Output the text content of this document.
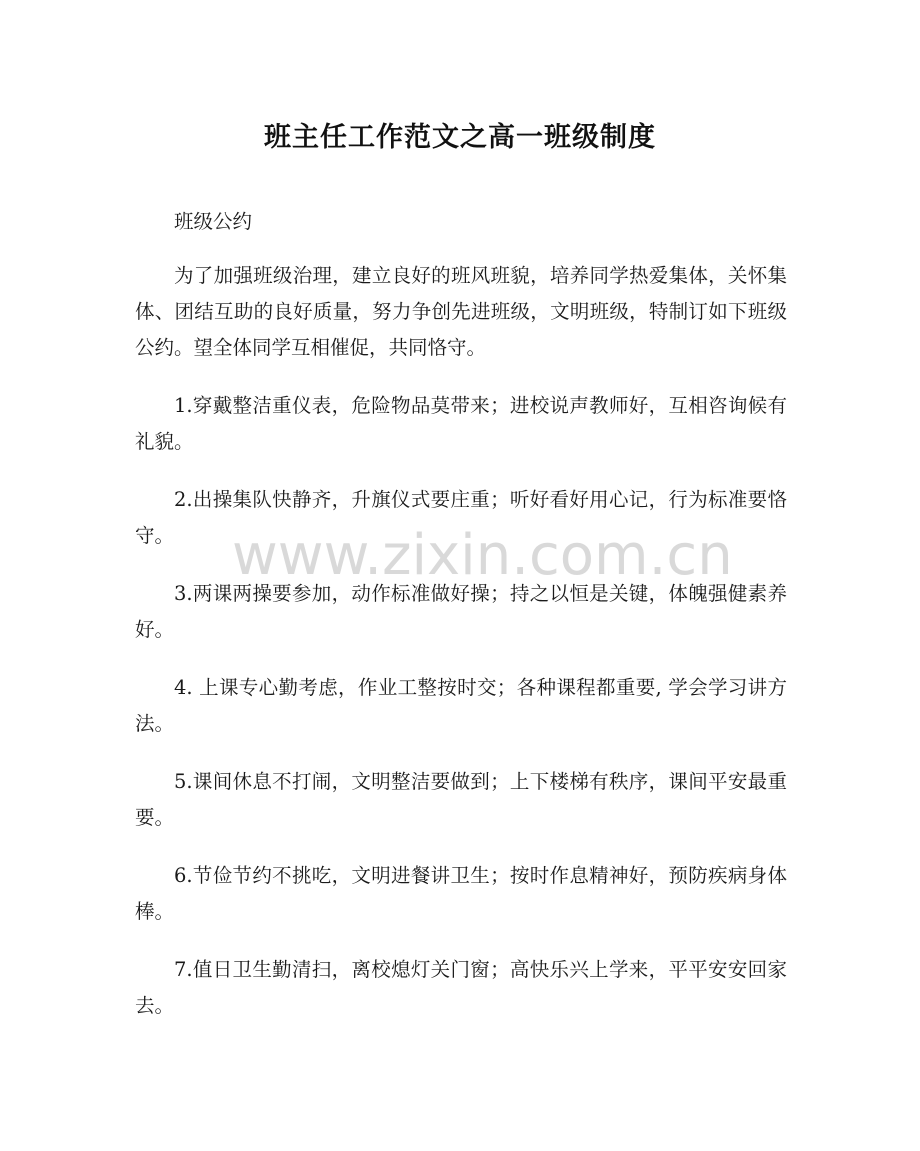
班主任工作范文之高一班级制度

班级公约

为了加强班级治理，建立良好的班风班貌，培养同学热爱集体，关怀集体、团结互助的良好质量，努力争创先进班级，文明班级，特制订如下班级公约。望全体同学互相催促，共同恪守。

1.穿戴整洁重仪表，危险物品莫带来；进校说声教师好，互相咨询候有礼貌。

2.出操集队快静齐，升旗仪式要庄重；听好看好用心记，行为标准要恪守。

3.两课两操要参加，动作标准做好操；持之以恒是关键，体魄强健素养好。

4. 上课专心勤考虑，作业工整按时交；各种课程都重要, 学会学习讲方法。

5.课间休息不打闹，文明整洁要做到；上下楼梯有秩序，课间平安最重要。

6.节俭节约不挑吃，文明进餐讲卫生；按时作息精神好，预防疾病身体棒。

7.值日卫生勤清扫，离校熄灯关门窗；高快乐兴上学来，平平安安回家去。

www.zixin.com.cn
